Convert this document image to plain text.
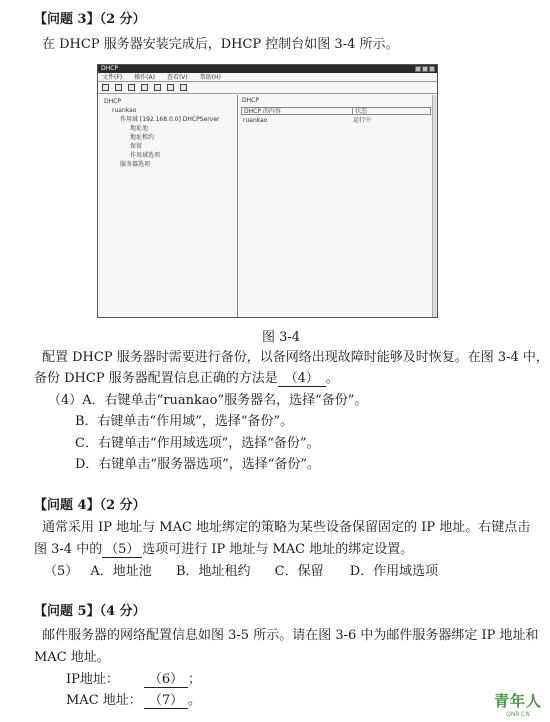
【问题 3】（2 分）
在 DHCP 服务器安装完成后，DHCP 控制台如图 3-4 所示。
DHCP
文件(F) 操作(A) 查看(V) 帮助(H)
DHCP
ruankao
作用域 [192.168.0.0] DHCPServer
地址池
地址租约
保留
作用域选项
服务器选项
DHCP
DHCP 的内容	状态
ruankao	运行中
图 3-4
配置 DHCP 服务器时需要进行备份，以备网络出现故障时能够及时恢复。在图 3-4 中，
备份 DHCP 服务器配置信息正确的方法是 （4） 。
（4）A．右键单击“ruankao”服务器名，选择“备份”。
B．右键单击“作用域”，选择“备份”。
C．右键单击“作用域选项”，选择“备份”。
D．右键单击“服务器选项”，选择“备份”。
【问题 4】（2 分）
通常采用 IP 地址与 MAC 地址绑定的策略为某些设备保留固定的 IP 地址。右键点击
图 3-4 中的 （5） 选项可进行 IP 地址与 MAC 地址的绑定设置。
（5） A．地址池 B．地址租约 C．保留 D．作用域选项
【问题 5】（4 分）
邮件服务器的网络配置信息如图 3-5 所示。请在图 3-6 中为邮件服务器绑定 IP 地址和
MAC 地址。
IP地址： （6） ；
MAC 地址： （7） 。	青年人
QNR.CN
